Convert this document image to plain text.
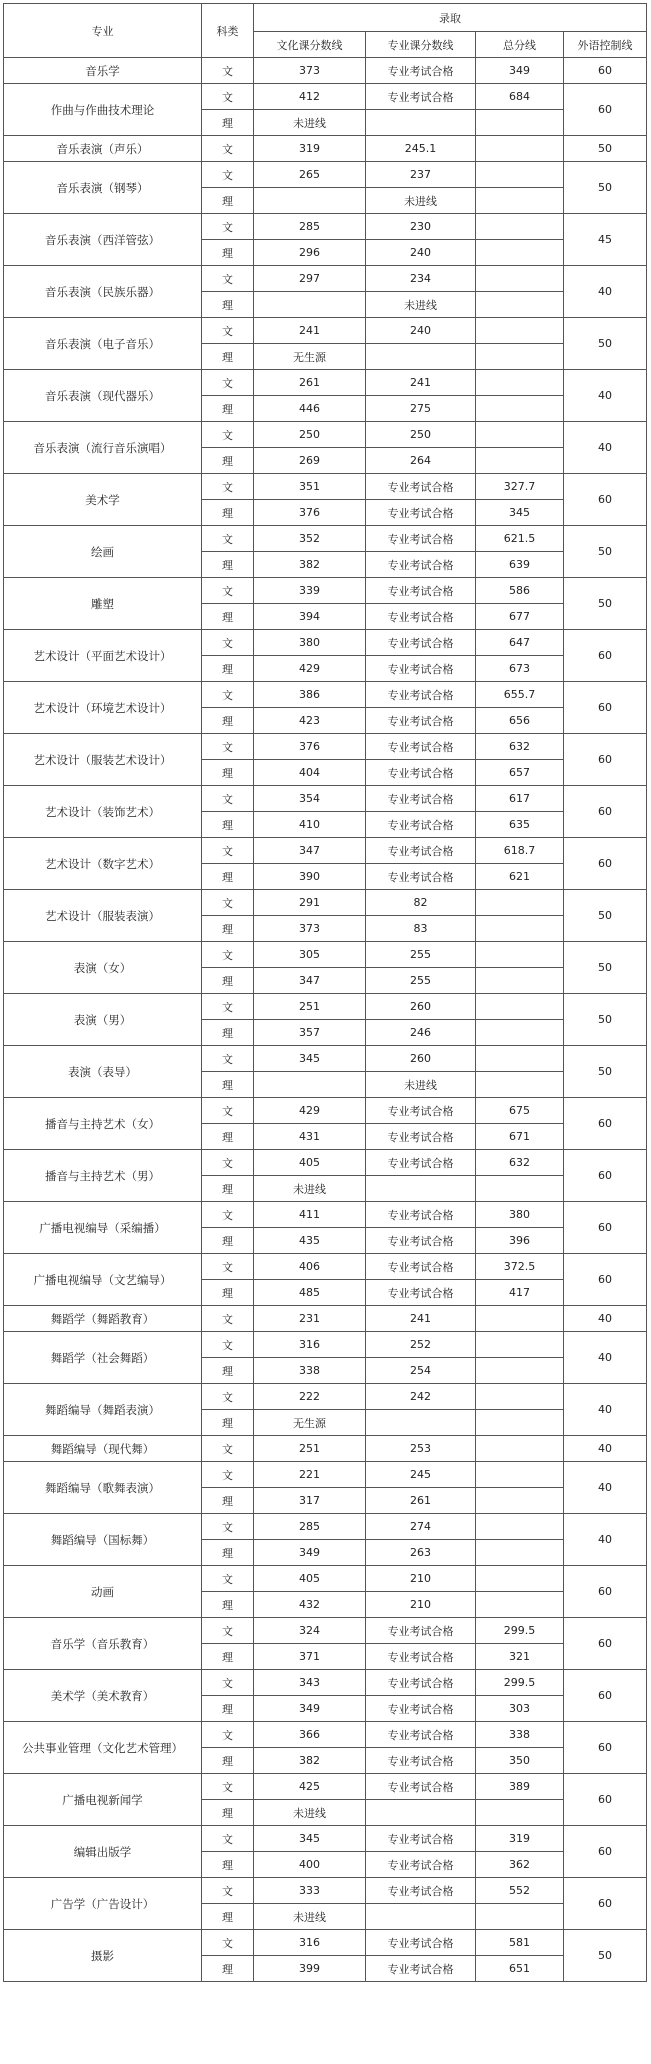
专业	科类	录取			
		文化课分数线	专业课分数线	总分线	外语控制线
音乐学	文	373	专业考试合格	349	60
作曲与作曲技术理论	文	412	专业考试合格	684	60
	理	未进线			
音乐表演（声乐）	文	319	245.1		50
音乐表演（钢琴）	文	265	237		50
	理		未进线		
音乐表演（西洋管弦）	文	285	230		45
	理	296	240		
音乐表演（民族乐器）	文	297	234		40
	理		未进线		
音乐表演（电子音乐）	文	241	240		50
	理	无生源			
音乐表演（现代器乐）	文	261	241		40
	理	446	275		
音乐表演（流行音乐演唱）	文	250	250		40
	理	269	264		
美术学	文	351	专业考试合格	327.7	60
	理	376	专业考试合格	345	
绘画	文	352	专业考试合格	621.5	50
	理	382	专业考试合格	639	
雕塑	文	339	专业考试合格	586	50
	理	394	专业考试合格	677	
艺术设计（平面艺术设计）	文	380	专业考试合格	647	60
	理	429	专业考试合格	673	
艺术设计（环境艺术设计）	文	386	专业考试合格	655.7	60
	理	423	专业考试合格	656	
艺术设计（服装艺术设计）	文	376	专业考试合格	632	60
	理	404	专业考试合格	657	
艺术设计（装饰艺术）	文	354	专业考试合格	617	60
	理	410	专业考试合格	635	
艺术设计（数字艺术）	文	347	专业考试合格	618.7	60
	理	390	专业考试合格	621	
艺术设计（服装表演）	文	291	82		50
	理	373	83		
表演（女）	文	305	255		50
	理	347	255		
表演（男）	文	251	260		50
	理	357	246		
表演（表导）	文	345	260		50
	理		未进线		
播音与主持艺术（女）	文	429	专业考试合格	675	60
	理	431	专业考试合格	671	
播音与主持艺术（男）	文	405	专业考试合格	632	60
	理	未进线			
广播电视编导（采编播）	文	411	专业考试合格	380	60
	理	435	专业考试合格	396	
广播电视编导（文艺编导）	文	406	专业考试合格	372.5	60
	理	485	专业考试合格	417	
舞蹈学（舞蹈教育）	文	231	241		40
舞蹈学（社会舞蹈）	文	316	252		40
	理	338	254		
舞蹈编导（舞蹈表演）	文	222	242		40
	理	无生源			
舞蹈编导（现代舞）	文	251	253		40
舞蹈编导（歌舞表演）	文	221	245		40
	理	317	261		
舞蹈编导（国标舞）	文	285	274		40
	理	349	263		
动画	文	405	210		60
	理	432	210		
音乐学（音乐教育）	文	324	专业考试合格	299.5	60
	理	371	专业考试合格	321	
美术学（美术教育）	文	343	专业考试合格	299.5	60
	理	349	专业考试合格	303	
公共事业管理（文化艺术管理）	文	366	专业考试合格	338	60
	理	382	专业考试合格	350	
广播电视新闻学	文	425	专业考试合格	389	60
	理	未进线			
编辑出版学	文	345	专业考试合格	319	60
	理	400	专业考试合格	362	
广告学（广告设计）	文	333	专业考试合格	552	60
	理	未进线			
摄影	文	316	专业考试合格	581	50
	理	399	专业考试合格	651	
